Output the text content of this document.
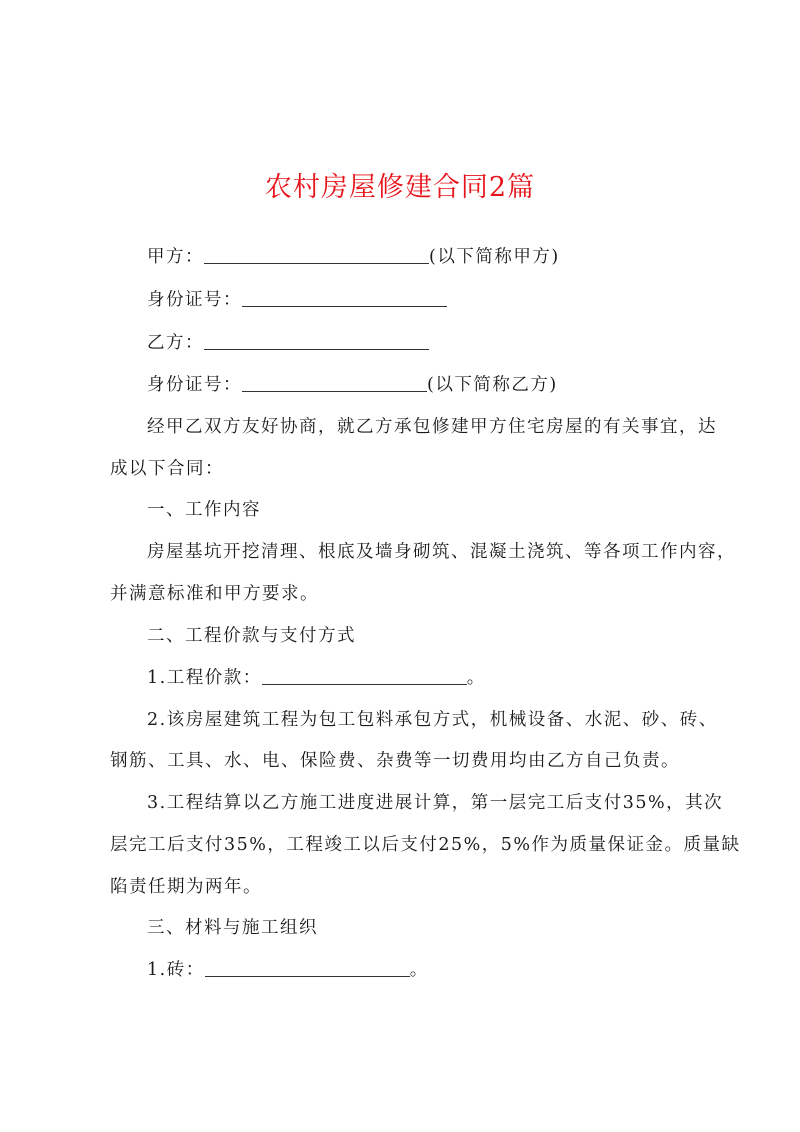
农村房屋修建合同2篇
甲方：	(以下简称甲方)
身份证号：
乙方：
身份证号：	(以下简称乙方)
经甲乙双方友好协商，就乙方承包修建甲方住宅房屋的有关事宜，达
成以下合同：
一、工作内容
房屋基坑开挖清理、根底及墙身砌筑、混凝土浇筑、等各项工作内容，
并满意标准和甲方要求。
二、工程价款与支付方式
1.工程价款：	。
2.该房屋建筑工程为包工包料承包方式，机械设备、水泥、砂、砖、
钢筋、工具、水、电、保险费、杂费等一切费用均由乙方自己负责。
3.工程结算以乙方施工进度进展计算，第一层完工后支付35%，其次
层完工后支付35%，工程竣工以后支付25%，5%作为质量保证金。质量缺
陷责任期为两年。
三、材料与施工组织
1.砖：	。
